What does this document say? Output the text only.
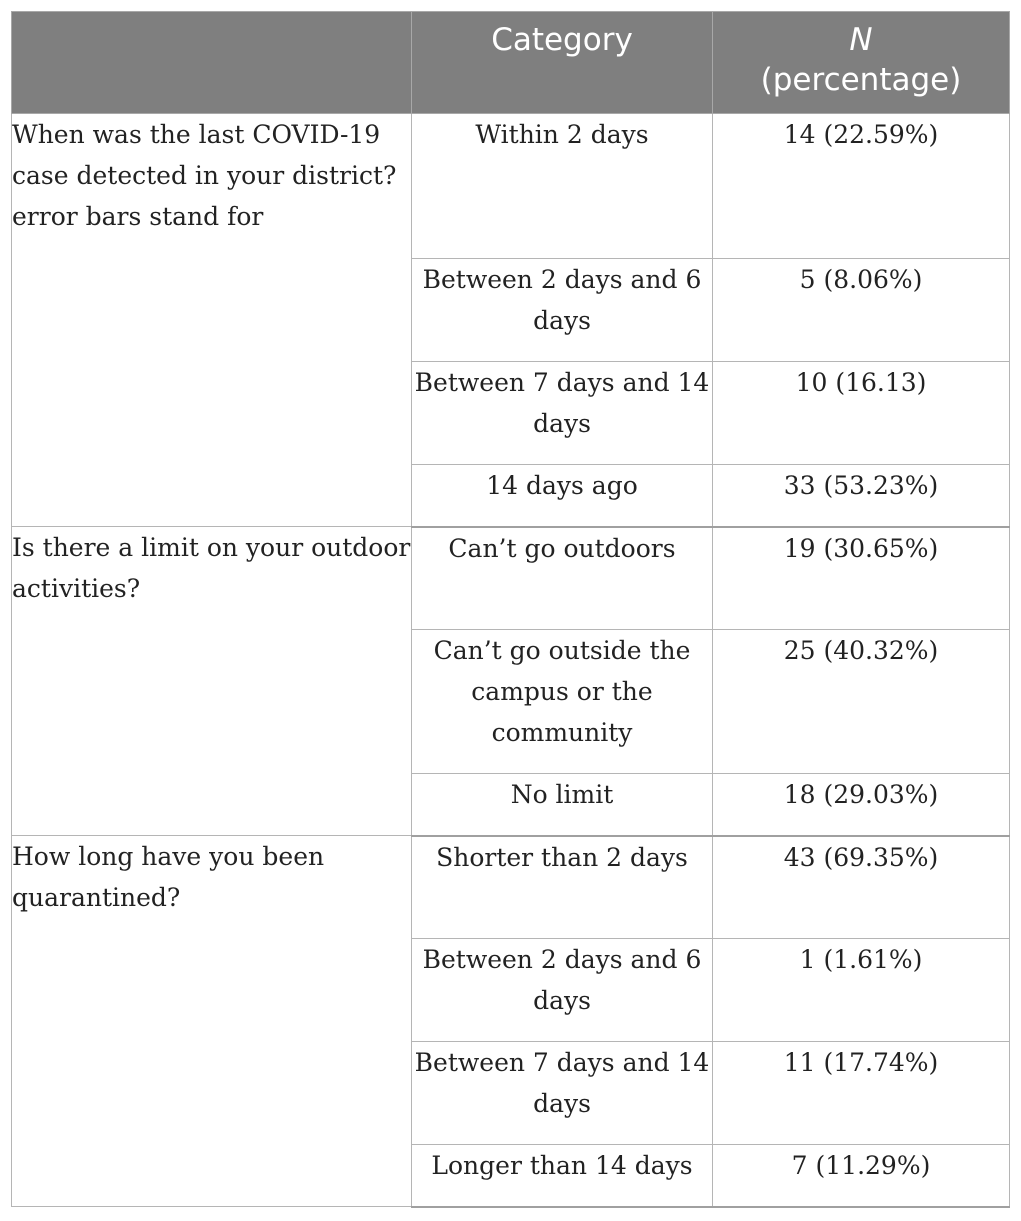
	Category	N
(percentage)
When was the last COVID-19 case detected in your district? error bars stand for	Within 2 days	14 (22.59%)
	Between 2 days and 6 days	5 (8.06%)
	Between 7 days and 14 days	10 (16.13)
	14 days ago	33 (53.23%)
Is there a limit on your outdoor activities?	Can’t go outdoors	19 (30.65%)
	Can’t go outside the campus or the community	25 (40.32%)
	No limit	18 (29.03%)
How long have you been quarantined?	Shorter than 2 days	43 (69.35%)
	Between 2 days and 6 days	1 (1.61%)
	Between 7 days and 14 days	11 (17.74%)
	Longer than 14 days	7 (11.29%)
